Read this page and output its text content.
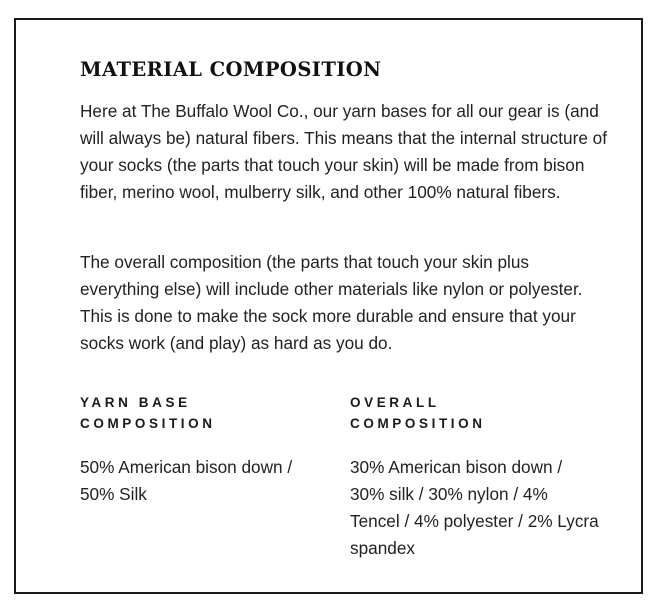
MATERIAL COMPOSITION

Here at The Buffalo Wool Co., our yarn bases for all our gear is (and will always be) natural fibers. This means that the internal structure of your socks (the parts that touch your skin) will be made from bison fiber, merino wool, mulberry silk, and other 100% natural fibers.

The overall composition (the parts that touch your skin plus everything else) will include other materials like nylon or polyester. This is done to make the sock more durable and ensure that your socks work (and play) as hard as you do.

YARN BASE
COMPOSITION
50% American bison down / 50% Silk
OVERALL
COMPOSITION
30% American bison down / 30% silk / 30% nylon / 4% Tencel / 4% polyester / 2% Lycra spandex
